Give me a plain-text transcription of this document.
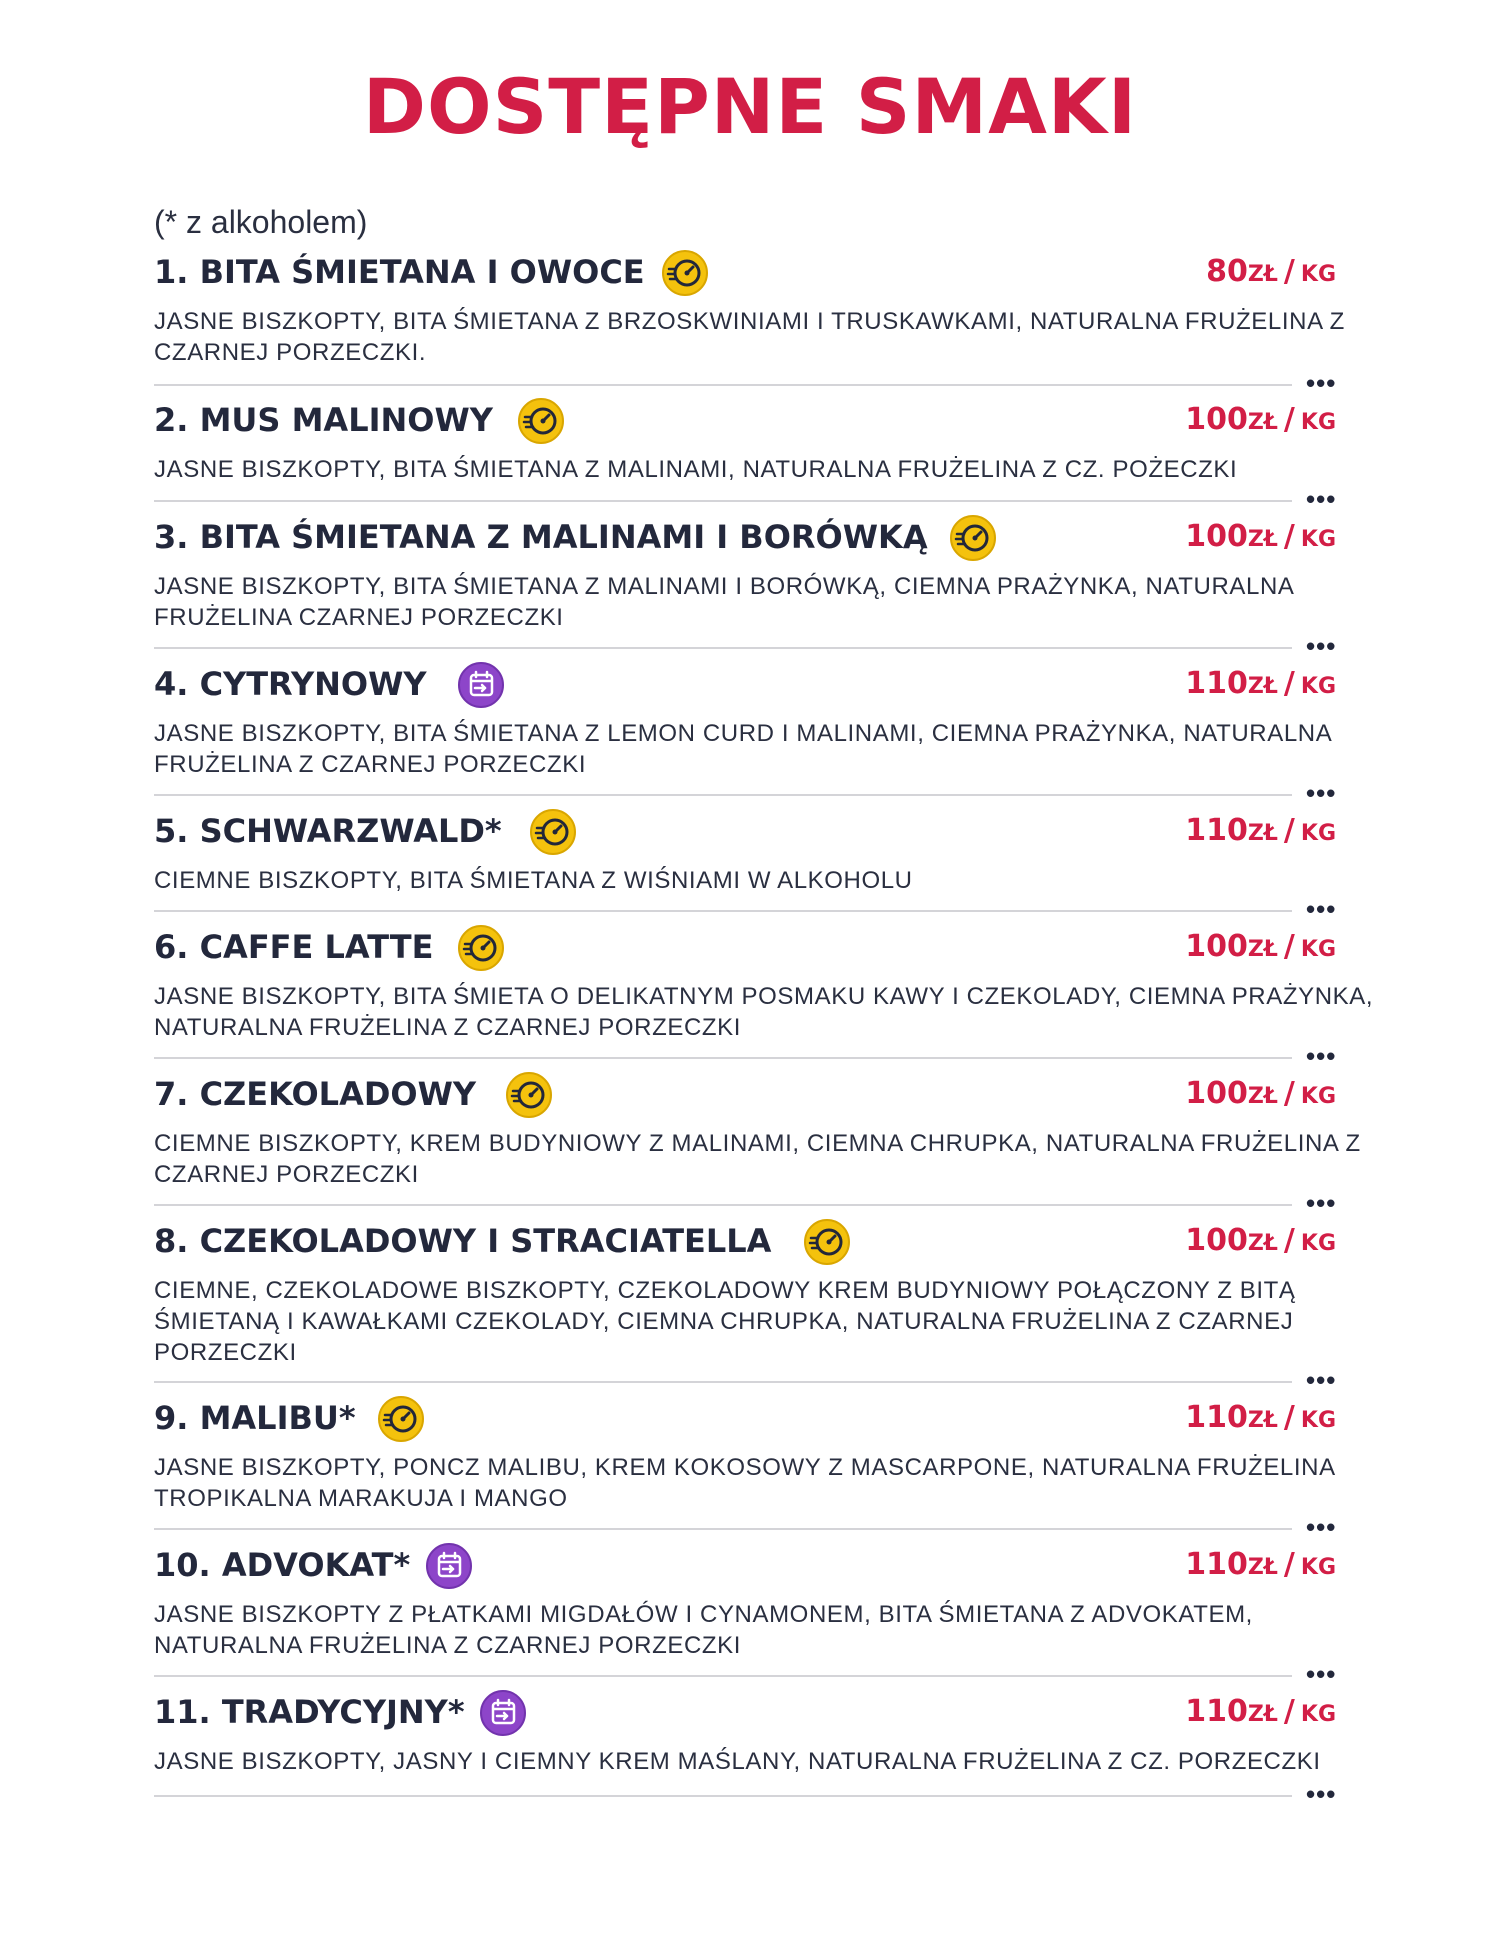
DOSTĘPNE SMAKI
(* z alkoholem)
1. BITA ŚMIETANA I OWOCE	80ZŁ / KG
JASNE BISZKOPTY, BITA ŚMIETANA Z BRZOSKWINIAMI I TRUSKAWKAMI, NATURALNA FRUŻELINA Z CZARNEJ PORZECZKI.
•••
2. MUS MALINOWY	100ZŁ / KG
JASNE BISZKOPTY, BITA ŚMIETANA Z MALINAMI, NATURALNA FRUŻELINA Z CZ. POŻECZKI
•••
3. BITA ŚMIETANA Z MALINAMI I BORÓWKĄ	100ZŁ / KG
JASNE BISZKOPTY, BITA ŚMIETANA Z MALINAMI I BORÓWKĄ, CIEMNA PRAŻYNKA, NATURALNA FRUŻELINA CZARNEJ PORZECZKI
•••
4. CYTRYNOWY	110ZŁ / KG
JASNE BISZKOPTY, BITA ŚMIETANA Z LEMON CURD I MALINAMI, CIEMNA PRAŻYNKA, NATURALNA FRUŻELINA Z CZARNEJ PORZECZKI
•••
5. SCHWARZWALD*	110ZŁ / KG
CIEMNE BISZKOPTY, BITA ŚMIETANA Z WIŚNIAMI W ALKOHOLU
•••
6. CAFFE LATTE	100ZŁ / KG
JASNE BISZKOPTY, BITA ŚMIETA O DELIKATNYM POSMAKU KAWY I CZEKOLADY, CIEMNA PRAŻYNKA, NATURALNA FRUŻELINA Z CZARNEJ PORZECZKI
•••
7. CZEKOLADOWY	100ZŁ / KG
CIEMNE BISZKOPTY, KREM BUDYNIOWY Z MALINAMI, CIEMNA CHRUPKA, NATURALNA FRUŻELINA Z CZARNEJ PORZECZKI
•••
8. CZEKOLADOWY I STRACIATELLA	100ZŁ / KG
CIEMNE, CZEKOLADOWE BISZKOPTY, CZEKOLADOWY KREM BUDYNIOWY POŁĄCZONY Z BITĄ ŚMIETANĄ I KAWAŁKAMI CZEKOLADY, CIEMNA CHRUPKA, NATURALNA FRUŻELINA Z CZARNEJ PORZECZKI
•••
9. MALIBU*	110ZŁ / KG
JASNE BISZKOPTY, PONCZ MALIBU, KREM KOKOSOWY Z MASCARPONE, NATURALNA FRUŻELINA TROPIKALNA MARAKUJA I MANGO
•••
10. ADVOKAT*	110ZŁ / KG
JASNE BISZKOPTY Z PŁATKAMI MIGDAŁÓW I CYNAMONEM, BITA ŚMIETANA Z ADVOKATEM, NATURALNA FRUŻELINA Z CZARNEJ PORZECZKI
•••
11. TRADYCYJNY*	110ZŁ / KG
JASNE BISZKOPTY, JASNY I CIEMNY KREM MAŚLANY, NATURALNA FRUŻELINA Z CZ. PORZECZKI
•••
